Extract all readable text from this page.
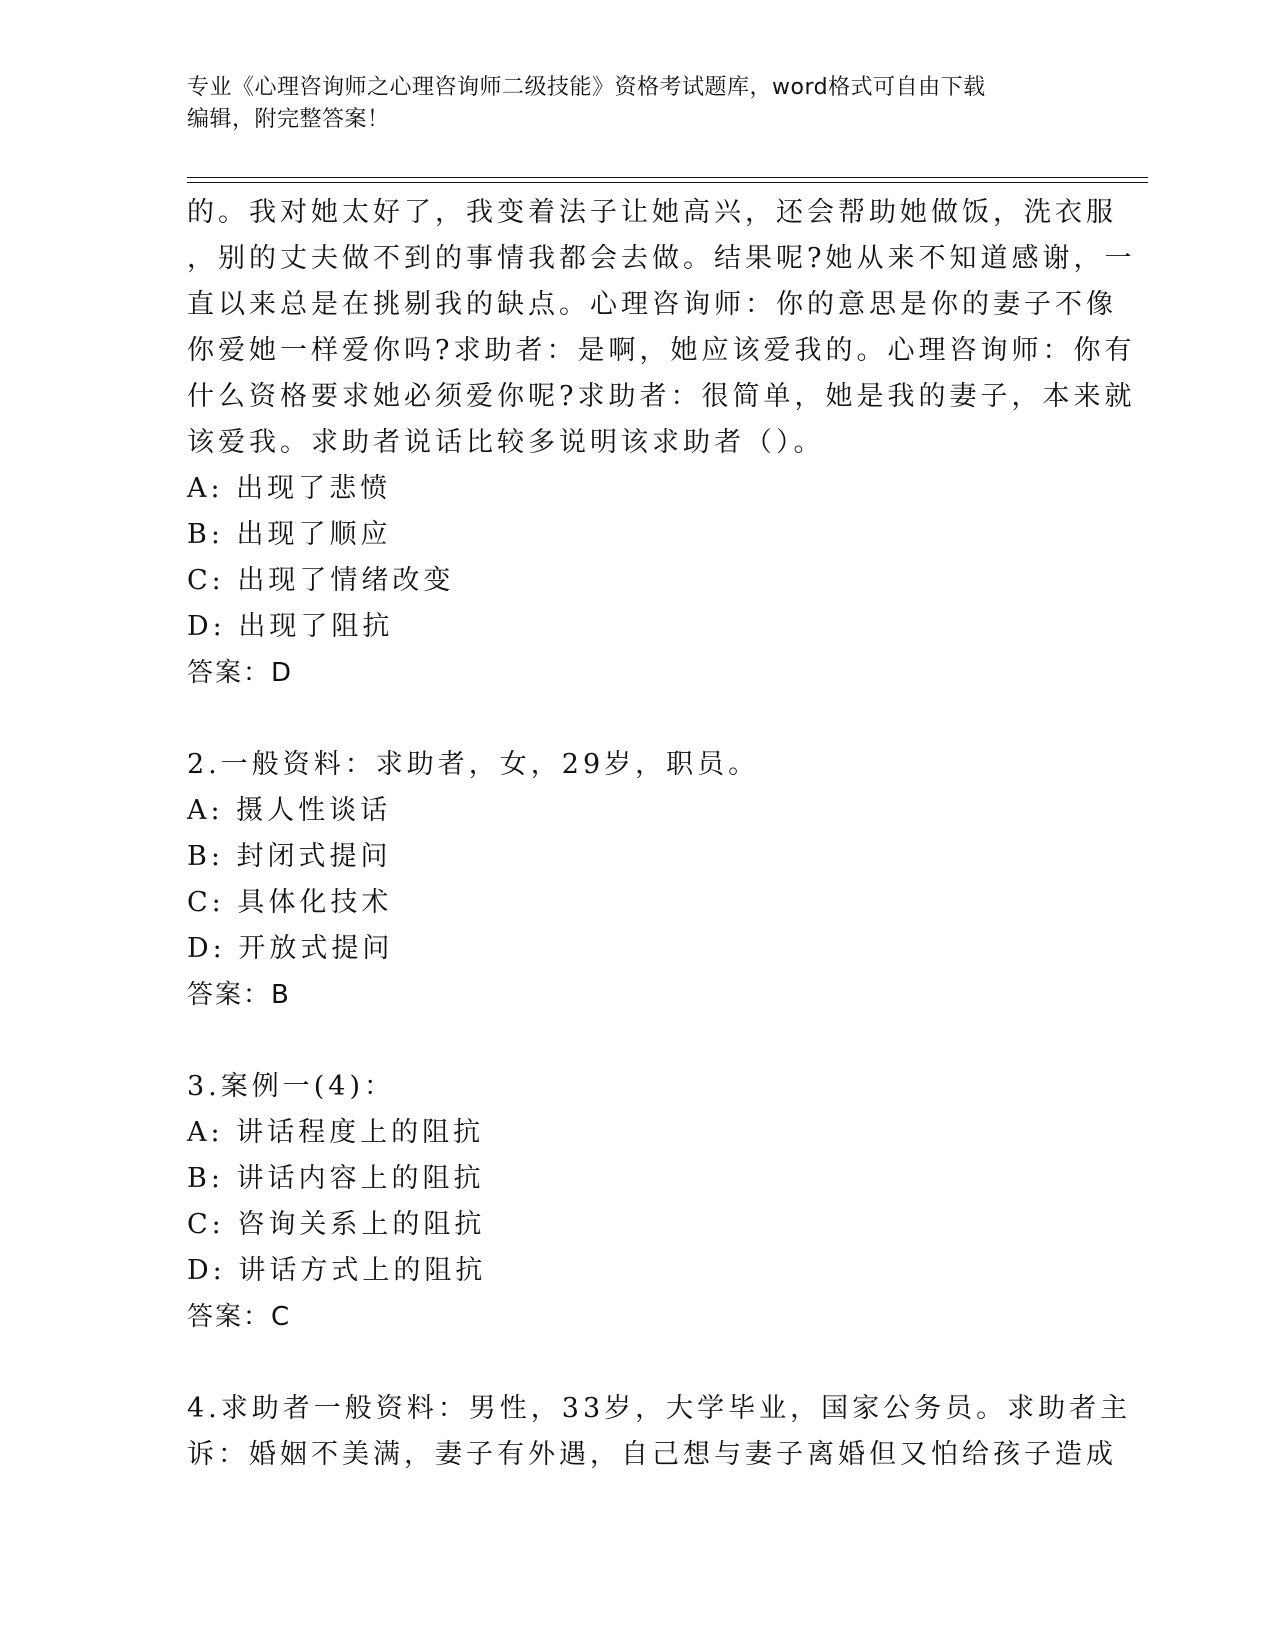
专业《心理咨询师之心理咨询师二级技能》资格考试题库，word格式可自由下载
编辑，附完整答案！
的。我对她太好了，我变着法子让她高兴，还会帮助她做饭，洗衣服
，别的丈夫做不到的事情我都会去做。结果呢?她从来不知道感谢，一
直以来总是在挑剔我的缺点。心理咨询师：你的意思是你的妻子不像
你爱她一样爱你吗?求助者：是啊，她应该爱我的。心理咨询师：你有
什么资格要求她必须爱你呢?求助者：很简单，她是我的妻子，本来就
该爱我。求助者说话比较多说明该求助者（）。
A: 出现了悲愤
B: 出现了顺应
C: 出现了情绪改变
D: 出现了阻抗
答案：D
2.一般资料：求助者，女，29岁，职员。
A: 摄人性谈话
B: 封闭式提问
C: 具体化技术
D: 开放式提问
答案：B
3.案例一(4)：
A: 讲话程度上的阻抗
B: 讲话内容上的阻抗
C: 咨询关系上的阻抗
D: 讲话方式上的阻抗
答案：C
4.求助者一般资料：男性，33岁，大学毕业，国家公务员。求助者主
诉：婚姻不美满，妻子有外遇，自己想与妻子离婚但又怕给孩子造成
